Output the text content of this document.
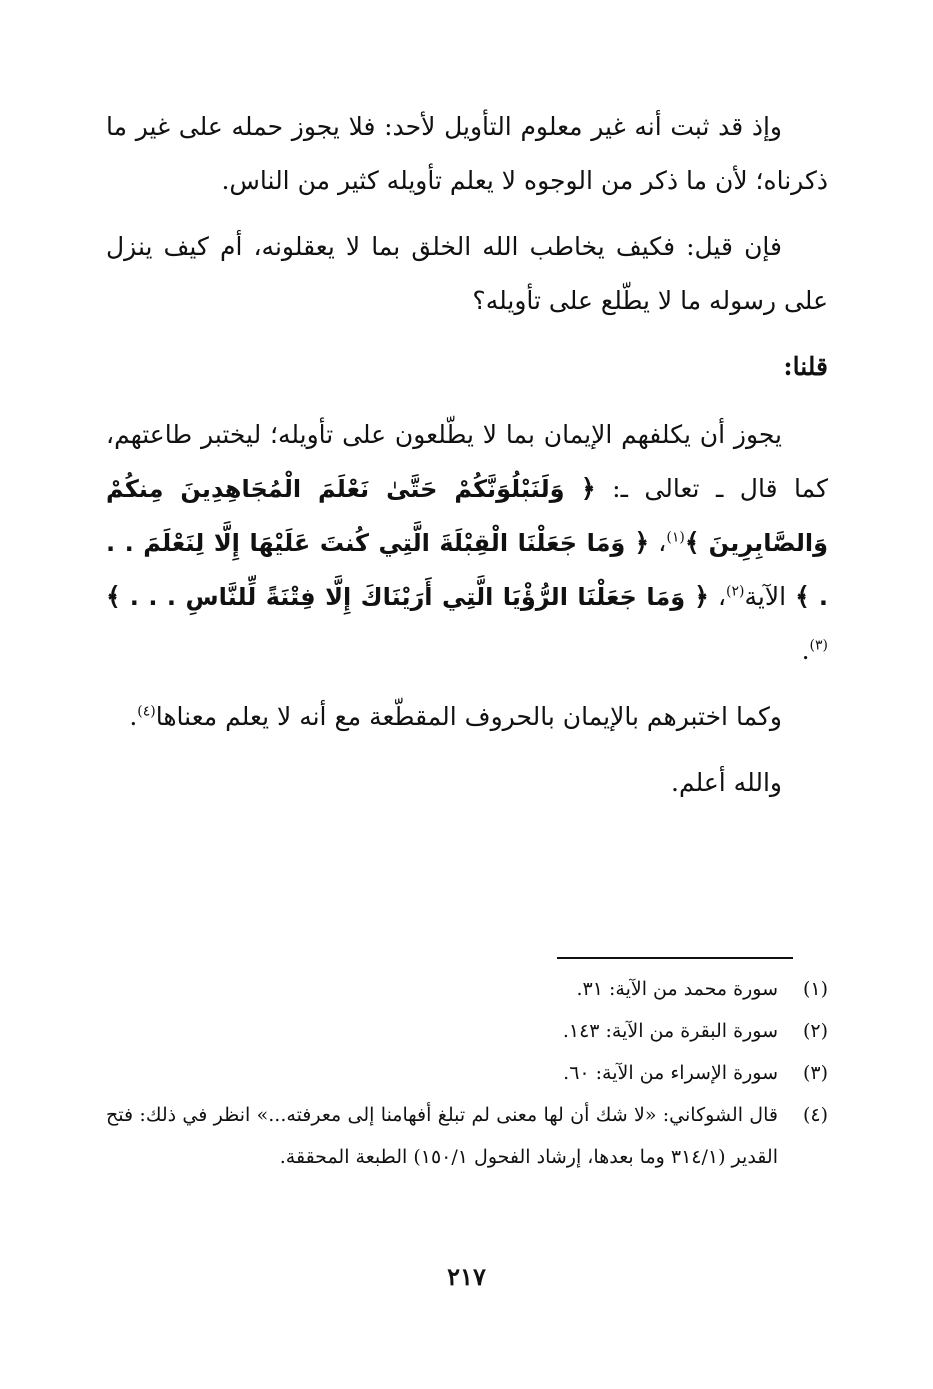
وإذ قد ثبت أنه غير معلوم التأويل لأحد: فلا يجوز حمله على غير ما ذكرناه؛ لأن ما ذكر من الوجوه لا يعلم تأويله كثير من الناس.

فإن قيل: فكيف يخاطب الله الخلق بما لا يعقلونه، أم كيف ينزل على رسوله ما لا يطّلع على تأويله؟

قلنا:

يجوز أن يكلفهم الإيمان بما لا يطّلعون على تأويله؛ ليختبر طاعتهم، كما قال ـ تعالى ـ: ﴿ وَلَنَبْلُوَنَّكُمْ حَتَّىٰ نَعْلَمَ الْمُجَاهِدِينَ مِنكُمْ وَالصَّابِرِينَ ﴾$^{(١)}$، ﴿ وَمَا جَعَلْنَا الْقِبْلَةَ الَّتِي كُنتَ عَلَيْهَا إِلَّا لِنَعْلَمَ . . . ﴾ الآية$^{(٢)}$، ﴿ وَمَا جَعَلْنَا الرُّؤْيَا الَّتِي أَرَيْنَاكَ إِلَّا فِتْنَةً لِّلنَّاسِ . . . ﴾$^{(٣)}$.

وكما اختبرهم بالإيمان بالحروف المقطّعة مع أنه لا يعلم معناها$^{(٤)}$.

والله أعلم.

(١)
سورة محمد من الآية: ٣١.
(٢)
سورة البقرة من الآية: ١٤٣.
(٣)
سورة الإسراء من الآية: ٦٠.
(٤)
قال الشوكاني: «لا شك أن لها معنى لم تبلغ أفهامنا إلى معرفته...» انظر في ذلك: فتح القدير (٣١٤/١ وما بعدها، إرشاد الفحول ١٥٠/١) الطبعة المحققة.
٢١٧
